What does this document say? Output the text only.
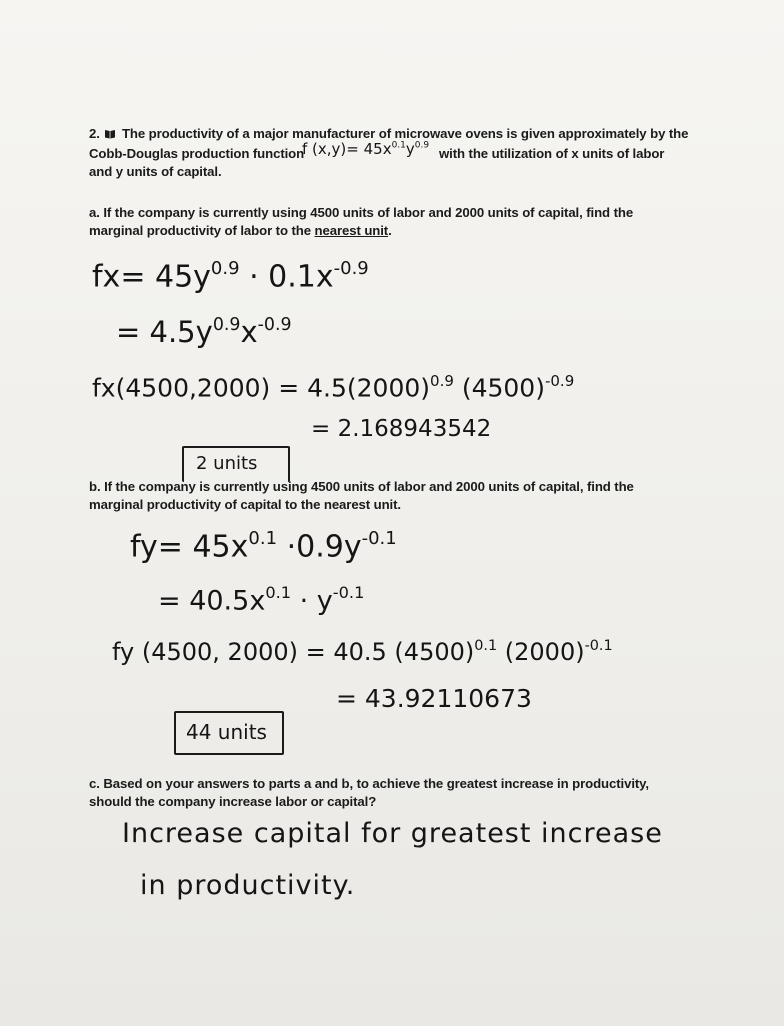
2. The productivity of a major manufacturer of microwave ovens is given approximately by the
Cobb-Douglas production function
f $(x,y)= 45x^{0.1}y^{0.9}$
with the utilization of x units of labor
and y units of capital.
a. If the company is currently using 4500 units of labor and 2000 units of capital, find the
marginal productivity of labor to the nearest unit.
$fx= 45y^{0.9} \cdot 0.1x^{-0.9}$
= $4.5y^{0.9}x^{-0.9}$
$fx(4500,2000) = 4.5(2000)^{0.9}$ $(4500)^{-0.9}$
= 2.168943542
2 units
b. If the company is currently using 4500 units of labor and 2000 units of capital, find the
marginal productivity of capital to the nearest unit.
$fy= 45x^{0.1} \cdot 0.9y^{-0.1}$
= $40.5x^{0.1} \cdot y^{-0.1}$
fy (4500, 2000) = 40.5 $(4500)^{0.1}$ $(2000)^{-0.1}$
= 43.92110673
44 units
c. Based on your answers to parts a and b, to achieve the greatest increase in productivity,
should the company increase labor or capital?
Increase capital for greatest increase
in productivity.
